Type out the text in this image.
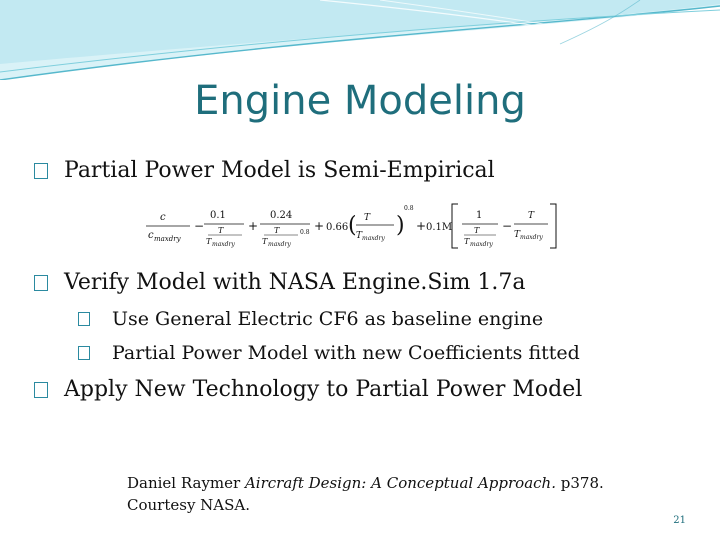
Engine Modeling
Partial Power Model is Semi-Empirical
c
c maxdry
−
0.1
T
T maxdry
+
0.24
T
T maxdry
0.8 + 0.66 ( T
T maxdry
)
0.8
+ 0.1M
1
T
T maxdry
−
T
T maxdry
Verify Model with NASA Engine.Sim 1.7a
Use General Electric CF6 as baseline engine
Partial Power Model with new Coefficients fitted
Apply New Technology to Partial Power Model
Daniel Raymer Aircraft Design: A Conceptual Approach. p378.
Courtesy NASA.
21
